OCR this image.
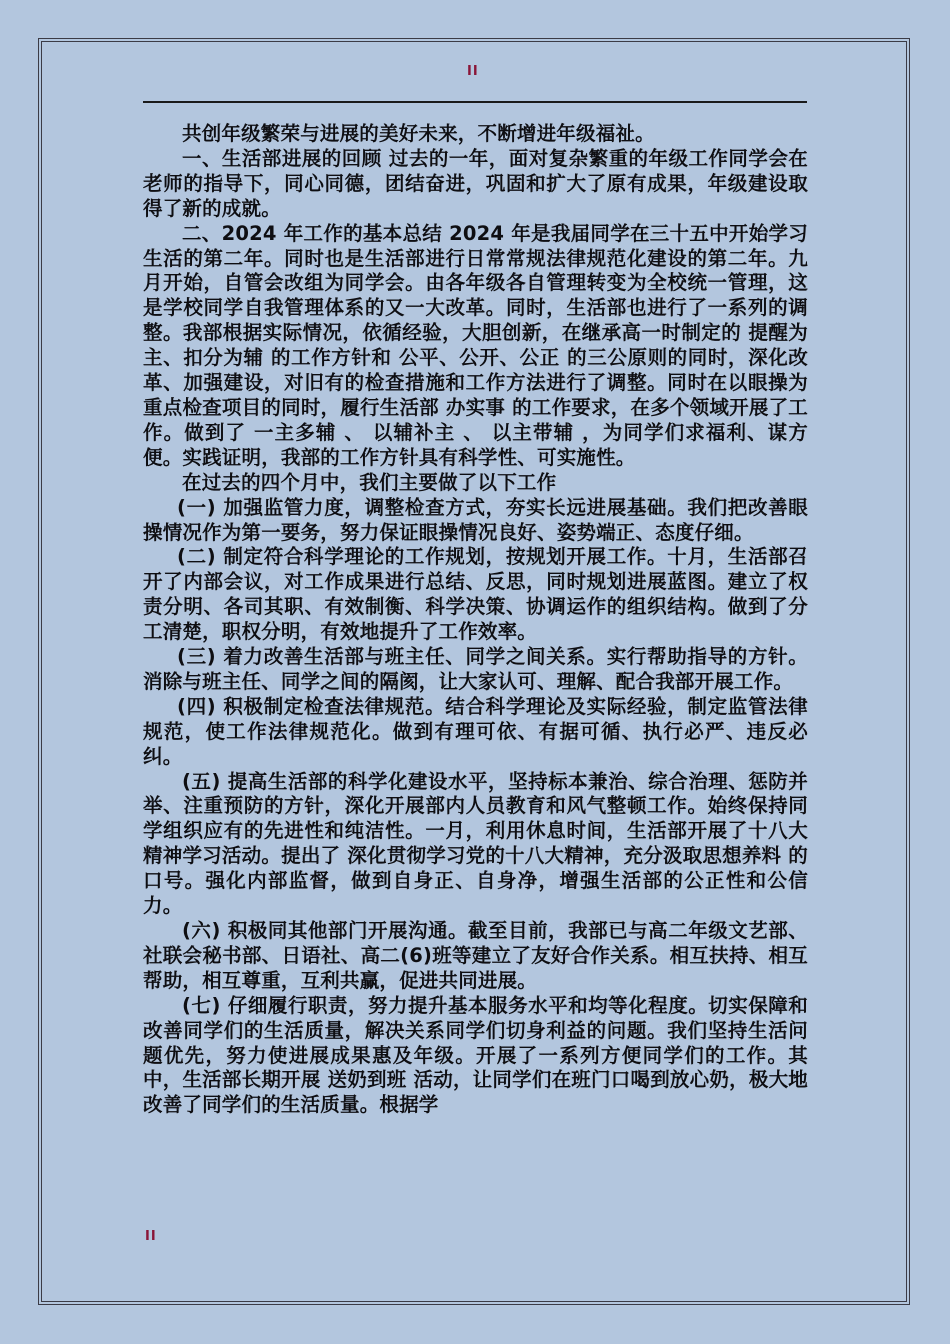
II

共创年级繁荣与进展的美好未来，不断增进年级福祉。

一、生活部进展的回顾 过去的一年，面对复杂繁重的年级工作同学会在老师的指导下，同心同德，团结奋进，巩固和扩大了原有成果，年级建设取得了新的成就。

二、2024 年工作的基本总结 2024 年是我届同学在三十五中开始学习生活的第二年。同时也是生活部进行日常常规法律规范化建设的第二年。九月开始，自管会改组为同学会。由各年级各自管理转变为全校统一管理，这是学校同学自我管理体系的又一大改革。同时，生活部也进行了一系列的调整。我部根据实际情况，依循经验，大胆创新，在继承高一时制定的 提醒为主、扣分为辅 的工作方针和 公平、公开、公正 的三公原则的同时，深化改革、加强建设，对旧有的检查措施和工作方法进行了调整。同时在以眼操为重点检查项目的同时，履行生活部 办实事 的工作要求，在多个领域开展了工作。做到了 一主多辅 、 以辅补主 、 以主带辅 ，为同学们求福利、谋方便。实践证明，我部的工作方针具有科学性、可实施性。

在过去的四个月中，我们主要做了以下工作

(一) 加强监管力度，调整检查方式，夯实长远进展基础。我们把改善眼操情况作为第一要务，努力保证眼操情况良好、姿势端正、态度仔细。

(二) 制定符合科学理论的工作规划，按规划开展工作。十月，生活部召开了内部会议，对工作成果进行总结、反思，同时规划进展蓝图。建立了权责分明、各司其职、有效制衡、科学决策、协调运作的组织结构。做到了分工清楚，职权分明，有效地提升了工作效率。

(三) 着力改善生活部与班主任、同学之间关系。实行帮助指导的方针。消除与班主任、同学之间的隔阂，让大家认可、理解、配合我部开展工作。

(四) 积极制定检查法律规范。结合科学理论及实际经验，制定监管法律规范，使工作法律规范化。做到有理可依、有据可循、执行必严、违反必纠。

(五) 提高生活部的科学化建设水平，坚持标本兼治、综合治理、惩防并举、注重预防的方针，深化开展部内人员教育和风气整顿工作。始终保持同学组织应有的先进性和纯洁性。一月，利用休息时间，生活部开展了十八大精神学习活动。提出了 深化贯彻学习党的十八大精神，充分汲取思想养料 的口号。强化内部监督，做到自身正、自身净，增强生活部的公正性和公信力。

(六) 积极同其他部门开展沟通。截至目前，我部已与高二年级文艺部、社联会秘书部、日语社、高二(6)班等建立了友好合作关系。相互扶持、相互帮助，相互尊重，互利共赢，促进共同进展。

(七) 仔细履行职责，努力提升基本服务水平和均等化程度。切实保障和改善同学们的生活质量，解决关系同学们切身利益的问题。我们坚持生活问题优先，努力使进展成果惠及年级。开展了一系列方便同学们的工作。其中，生活部长期开展 送奶到班 活动，让同学们在班门口喝到放心奶，极大地改善了同学们的生活质量。根据学

II
